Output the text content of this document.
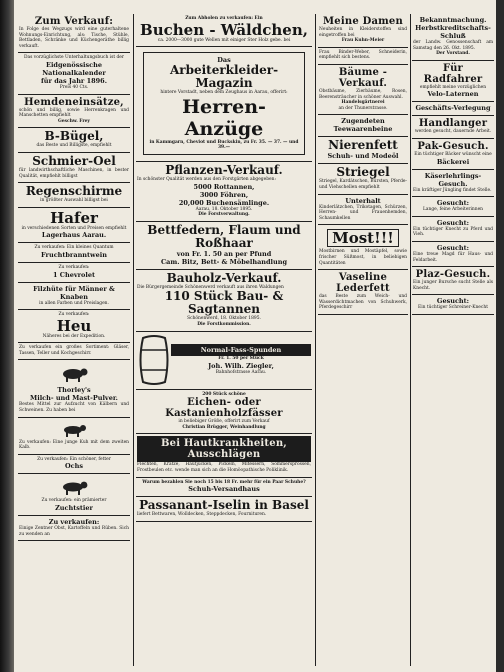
Zum Verkauf:
In Folge des Wegzugs wird eine guterhaltene Wohnungs-Einrichtung, als: Tische, Stühle, Bettladen, Schränke und Küchengeräthe billig verkauft.
Das vorzüglichste Unterhaltungsbuch ist der
Eidgenössische Nationalkalender
für das Jahr 1896.
Preis 40 Cts.
Hemdeneinsätze,
schön und billig, sowie Herrenkragen und Manschetten empfiehlt
Geschw. Frey
B-Bügel,
das Beste und Billigste, empfiehlt
Schmier-Oel
für landwirthschaftliche Maschinen, in bester Qualität, empfiehlt billigst
Regenschirme
in größter Auswahl billigst bei
Hafer
in verschiedenen Sorten und Preisen empfiehlt
Lagerhaus Aarau.
Zu verkaufen: Ein kleines Quantum
Fruchtbranntwein
Zu verkaufen:
1 Chevrolet
Filzhüte für Männer & Knaben
in allen Farben und Preislagen.
Zu verkaufen:
Heu
Näheres bei der Expedition.
Zu verkaufen ein großes Sortiment: Gläser, Tassen, Teller und Kochgeschirr.
Thorley's
Milch- und Mast-Pulver.
Bestes Mittel zur Aufzucht von Kälbern und Schweinen. Zu haben bei
Zu verkaufen: Eine junge Kuh mit dem zweiten Kalb.
Zu verkaufen: Ein schöner, fetter
Ochs
Zu verkaufen: ein prämierter
Zuchtstier
Zu verkaufen:
Einige Zentner Obst, Kartoffeln und Rüben. Sich zu wenden an
Zum Abholen zu verkaufen: Ein
Buchen - Wäldchen,
ca. 2000—3000 gute Wellen mit einiger Ster Holz gebe. bei
Das
Arbeiterkleider-Magazin
hintere Vorstadt, neben dem Zeughaus in Aarau, offerirt:
Herren-Anzüge
in Kammgarn, Cheviot und Buckskin, zu Fr. 35. — 37. — und 39.—
Pflanzen-Verkauf.
In schönster Qualität werden aus den Forstgärten abgegeben:
5000 Rottannen,
3000 Föhren,
20,000 Buchensämlinge.
Aarau, 18. Oktober 1895.
Die Forstverwaltung.
Bettfedern, Flaum und Roßhaar
von Fr. 1. 50 an per Pfund
Cam. Bitz, Bett- & Möbelhandlung
Bauholz-Verkauf.
Die Bürgergemeinde Schönenwerd verkauft aus ihren Waldungen
110 Stück Bau- & Sagtannen
Schönenwerd, 18. Oktober 1895.
Die Forstkommission.
Normal-Fass-Spunden
Fr. 1. 50 per Stück
Joh. Wilh. Ziegler,
Bahnhofstrasse Aarau.
200 Stück schöne
Eichen- oder Kastanienholzfässer
in beliebiger Größe, offerirt zum Verkauf
Christian Brügger, Weinhandlung
Bei Hautkrankheiten, Ausschlägen
Flechten, Krätze, Hautjucken, Pickeln, Mitessern, Sommersprossen, Frostbeulen etc. wende man sich an die Homöopathische Poliklinik.
Warum bezahlen Sie noch 15 bis 18 Fr. mehr für ein Paar Schuhe?
Schuh-Versandhaus
Passanant-Iselin in Basel
liefert Bettwaren, Wolldecken, Steppdecken, Fournituren.
Meine Damen
Neuheiten in Kleiderstoffen sind eingetroffen bei
Frau Kuhn-Meier
Frau Binder-Weber, Schneiderin, empfiehlt sich bestens.
Bäume - Verkauf.
Obstbäume, Zierbäume, Rosen, Beerensträucher in schöner Auswahl.
Handelsgärtnerei
an der Thunerstrasse.
Zugendeten
Teewaarenbeine
Nierenfett
Schuh- und Modeöl
Striegel
Striegel, Kardätschen, Bürsten, Pferde- und Viehschellen empfiehlt
Unterhalt
Kinderlätzchen, Trikotagen, Schürzen, Herren- und Frauenhemden, Schaumkellen
Most!!!
Mostbirnen und Mostäpfel, sowie frischer Süßmost, in beliebigen Quantitäten
Vaseline Lederfett
das Beste zum Weich- und Wasserdichtmachen von Schuhwerk, Pferdegeschirr
Bekanntmachung.
Herbstkreditschafts-Schluß
der Landw. Genossenschaft am Samstag den 26. Okt. 1895.
Der Vorstand.
Für Radfahrer
empfiehlt meine vorzüglichen
Velo-Laternen
Geschäfts-Verlegung
Handlanger
werden gesucht, dauernde Arbeit.
Pak-Gesuch.
Ein tüchtiger Bäcker wünscht eine
Bäckerei
Käserlehrlings-Gesuch.
Ein kräftiger Jüngling findet Stelle.
Gesucht:
Lange, feine Arbeiterinnen
Gesucht:
Ein tüchtiger Knecht zu Pferd und Vieh.
Gesucht:
Eine treue Magd für Haus- und Feldarbeit.
Plaz-Gesuch.
Ein junger Bursche sucht Stelle als Knecht.
Gesucht:
Ein tüchtiger Schreiner-Knecht
